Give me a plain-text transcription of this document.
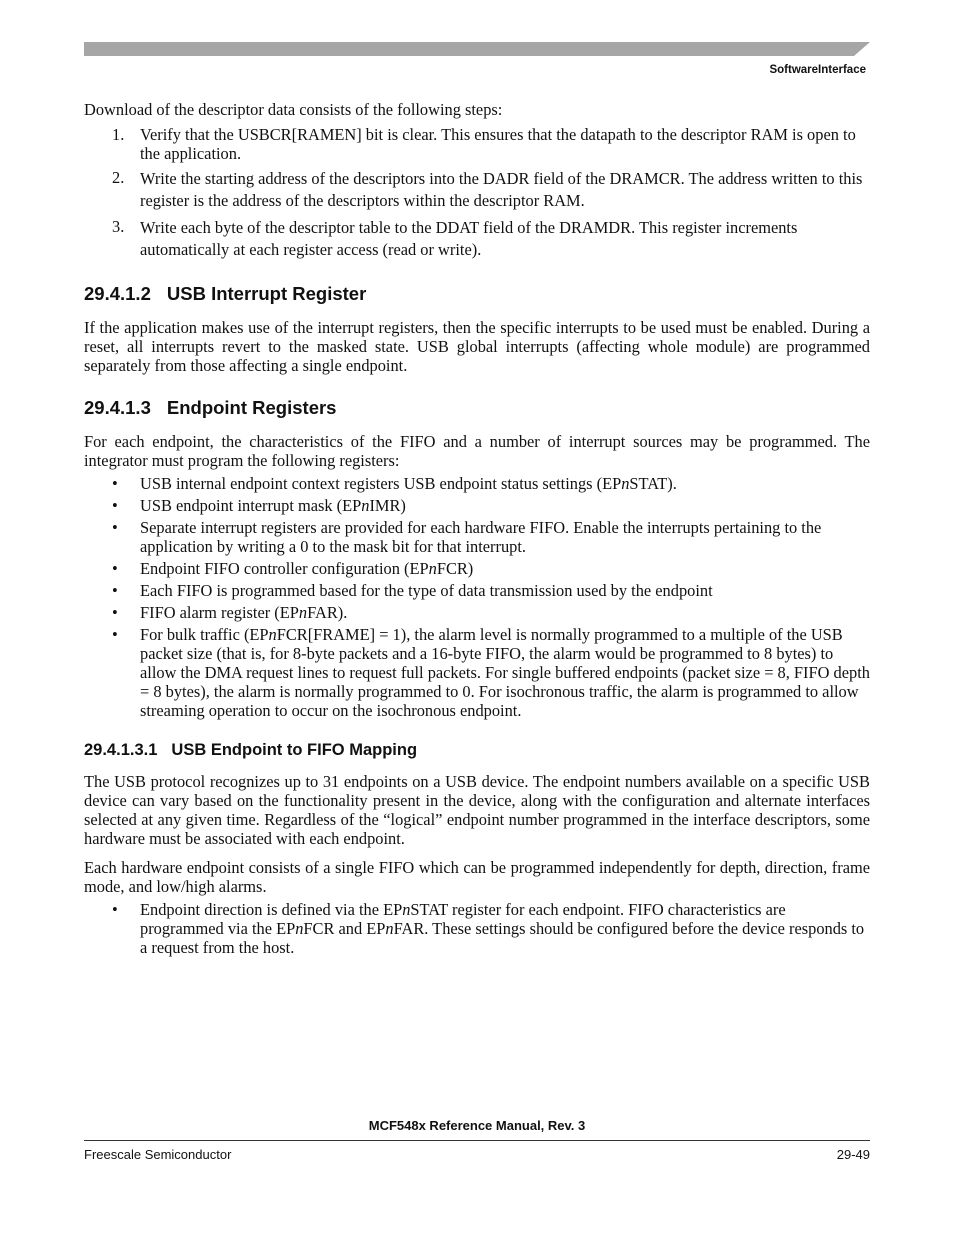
SoftwareInterface

Download of the descriptor data consists of the following steps:

1. Verify that the USBCR[RAMEN] bit is clear. This ensures that the datapath to the descriptor RAM is open to the application.
2. Write the starting address of the descriptors into the DADR field of the DRAMCR. The address written to this register is the address of the descriptors within the descriptor RAM.
3. Write each byte of the descriptor table to the DDAT field of the DRAMDR. This register increments automatically at each register access (read or write).
29.4.1.2 USB Interrupt Register

If the application makes use of the interrupt registers, then the specific interrupts to be used must be enabled. During a reset, all interrupts revert to the masked state. USB global interrupts (affecting whole module) are programmed separately from those affecting a single endpoint.

29.4.1.3 Endpoint Registers

For each endpoint, the characteristics of the FIFO and a number of interrupt sources may be programmed. The integrator must program the following registers:

•	USB internal endpoint context registers USB endpoint status settings (EPnSTAT).
•	USB endpoint interrupt mask (EPnIMR)
•	Separate interrupt registers are provided for each hardware FIFO. Enable the interrupts pertaining to the application by writing a 0 to the mask bit for that interrupt.
•	Endpoint FIFO controller configuration (EPnFCR)
•	Each FIFO is programmed based for the type of data transmission used by the endpoint
•	FIFO alarm register (EPnFAR).
•	For bulk traffic (EPnFCR[FRAME] = 1), the alarm level is normally programmed to a multiple of the USB packet size (that is, for 8-byte packets and a 16-byte FIFO, the alarm would be programmed to 8 bytes) to allow the DMA request lines to request full packets. For single buffered endpoints (packet size = 8, FIFO depth = 8 bytes), the alarm is normally programmed to 0. For isochronous traffic, the alarm is programmed to allow streaming operation to occur on the isochronous endpoint.
29.4.1.3.1 USB Endpoint to FIFO Mapping

The USB protocol recognizes up to 31 endpoints on a USB device. The endpoint numbers available on a specific USB device can vary based on the functionality present in the device, along with the configuration and alternate interfaces selected at any given time. Regardless of the “logical” endpoint number programmed in the interface descriptors, some hardware must be associated with each endpoint.

Each hardware endpoint consists of a single FIFO which can be programmed independently for depth, direction, frame mode, and low/high alarms.

•	Endpoint direction is defined via the EPnSTAT register for each endpoint. FIFO characteristics are programmed via the EPnFCR and EPnFAR. These settings should be configured before the device responds to a request from the host.
MCF548x Reference Manual, Rev. 3
Freescale Semiconductor	29-49
